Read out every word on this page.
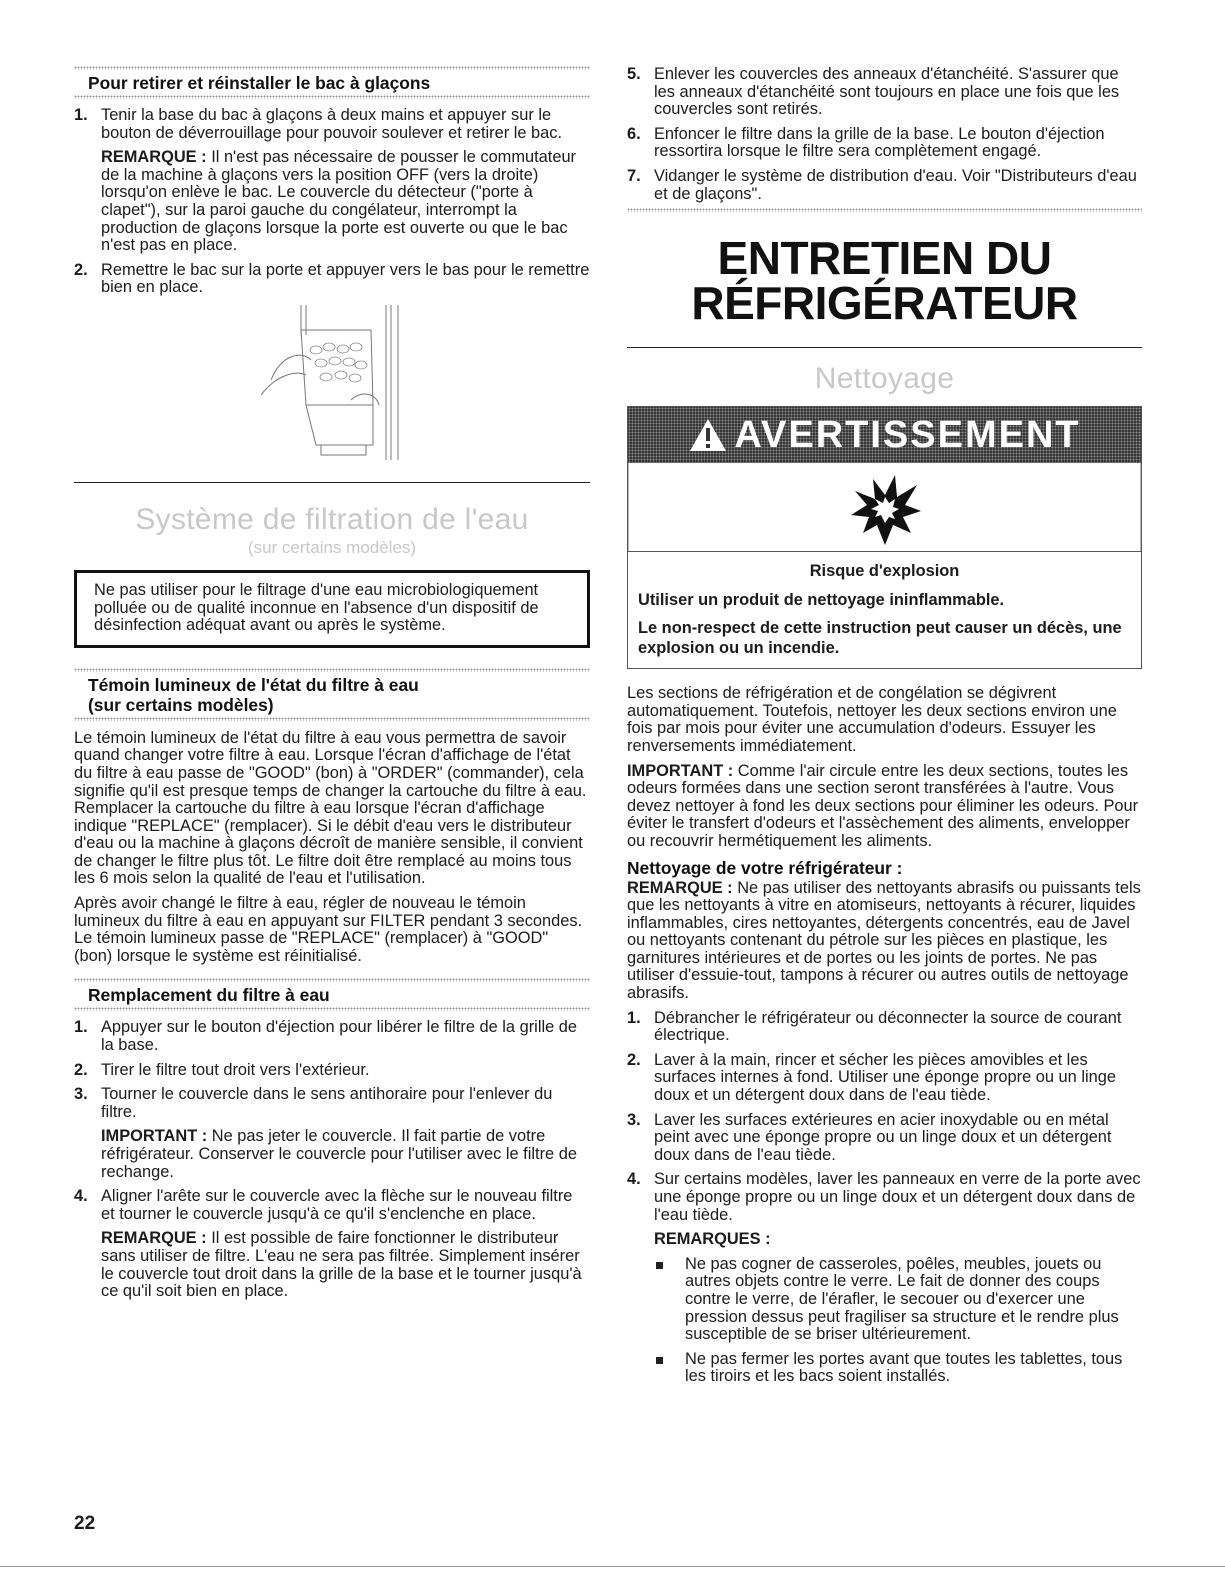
Pour retirer et réinstaller le bac à glaçons
1. Tenir la base du bac à glaçons à deux mains et appuyer sur le bouton de déverrouillage pour pouvoir soulever et retirer le bac.

REMARQUE : Il n'est pas nécessaire de pousser le commutateur de la machine à glaçons vers la position OFF (vers la droite) lorsqu'on enlève le bac. Le couvercle du détecteur ("porte à clapet"), sur la paroi gauche du congélateur, interrompt la production de glaçons lorsque la porte est ouverte ou que le bac n'est pas en place.

2. Remettre le bac sur la porte et appuyer vers le bas pour le remettre bien en place.

Système de filtration de l'eau
(sur certains modèles)

Ne pas utiliser pour le filtrage d'une eau microbiologiquement polluée ou de qualité inconnue en l'absence d'un dispositif de désinfection adéquat avant ou après le système.

Témoin lumineux de l'état du filtre à eau
(sur certains modèles)

Le témoin lumineux de l'état du filtre à eau vous permettra de savoir quand changer votre filtre à eau. Lorsque l'écran d'affichage de l'état du filtre à eau passe de "GOOD" (bon) à "ORDER" (commander), cela signifie qu'il est presque temps de changer la cartouche du filtre à eau. Remplacer la cartouche du filtre à eau lorsque l'écran d'affichage indique "REPLACE" (remplacer). Si le débit d'eau vers le distributeur d'eau ou la machine à glaçons décroît de manière sensible, il convient de changer le filtre plus tôt. Le filtre doit être remplacé au moins tous les 6 mois selon la qualité de l'eau et l'utilisation.

Après avoir changé le filtre à eau, régler de nouveau le témoin lumineux du filtre à eau en appuyant sur FILTER pendant 3 secondes. Le témoin lumineux passe de "REPLACE" (remplacer) à "GOOD" (bon) lorsque le système est réinitialisé.

Remplacement du filtre à eau
1. Appuyer sur le bouton d'éjection pour libérer le filtre de la grille de la base.

2. Tirer le filtre tout droit vers l'extérieur.

3. Tourner le couvercle dans le sens antihoraire pour l'enlever du filtre.

IMPORTANT : Ne pas jeter le couvercle. Il fait partie de votre réfrigérateur. Conserver le couvercle pour l'utiliser avec le filtre de rechange.

4. Aligner l'arête sur le couvercle avec la flèche sur le nouveau filtre et tourner le couvercle jusqu'à ce qu'il s'enclenche en place.

REMARQUE : Il est possible de faire fonctionner le distributeur sans utiliser de filtre. L'eau ne sera pas filtrée. Simplement insérer le couvercle tout droit dans la grille de la base et le tourner jusqu'à ce qu'il soit bien en place.

5. Enlever les couvercles des anneaux d'étanchéité. S'assurer que les anneaux d'étanchéité sont toujours en place une fois que les couvercles sont retirés.

6. Enfoncer le filtre dans la grille de la base. Le bouton d'éjection ressortira lorsque le filtre sera complètement engagé.

7. Vidanger le système de distribution d'eau. Voir "Distributeurs d'eau et de glaçons".

ENTRETIEN DU
RÉFRIGÉRATEUR
Nettoyage
AVERTISSEMENT
Risque d'explosion
Utiliser un produit de nettoyage ininflammable.
Le non-respect de cette instruction peut causer un décès, une explosion ou un incendie.

Les sections de réfrigération et de congélation se dégivrent automatiquement. Toutefois, nettoyer les deux sections environ une fois par mois pour éviter une accumulation d'odeurs. Essuyer les renversements immédiatement.

IMPORTANT : Comme l'air circule entre les deux sections, toutes les odeurs formées dans une section seront transférées à l'autre. Vous devez nettoyer à fond les deux sections pour éliminer les odeurs. Pour éviter le transfert d'odeurs et l'assèchement des aliments, envelopper ou recouvrir hermétiquement les aliments.

Nettoyage de votre réfrigérateur :

REMARQUE : Ne pas utiliser des nettoyants abrasifs ou puissants tels que les nettoyants à vitre en atomiseurs, nettoyants à récurer, liquides inflammables, cires nettoyantes, détergents concentrés, eau de Javel ou nettoyants contenant du pétrole sur les pièces en plastique, les garnitures intérieures et de portes ou les joints de portes. Ne pas utiliser d'essuie-tout, tampons à récurer ou autres outils de nettoyage abrasifs.

1. Débrancher le réfrigérateur ou déconnecter la source de courant électrique.

2. Laver à la main, rincer et sécher les pièces amovibles et les surfaces internes à fond. Utiliser une éponge propre ou un linge doux et un détergent doux dans de l'eau tiède.

3. Laver les surfaces extérieures en acier inoxydable ou en métal peint avec une éponge propre ou un linge doux et un détergent doux dans de l'eau tiède.

4. Sur certains modèles, laver les panneaux en verre de la porte avec une éponge propre ou un linge doux et un détergent doux dans de l'eau tiède.

REMARQUES :

Ne pas cogner de casseroles, poêles, meubles, jouets ou autres objets contre le verre. Le fait de donner des coups contre le verre, de l'érafler, le secouer ou d'exercer une pression dessus peut fragiliser sa structure et le rendre plus susceptible de se briser ultérieurement.

Ne pas fermer les portes avant que toutes les tablettes, tous les tiroirs et les bacs soient installés.

22
